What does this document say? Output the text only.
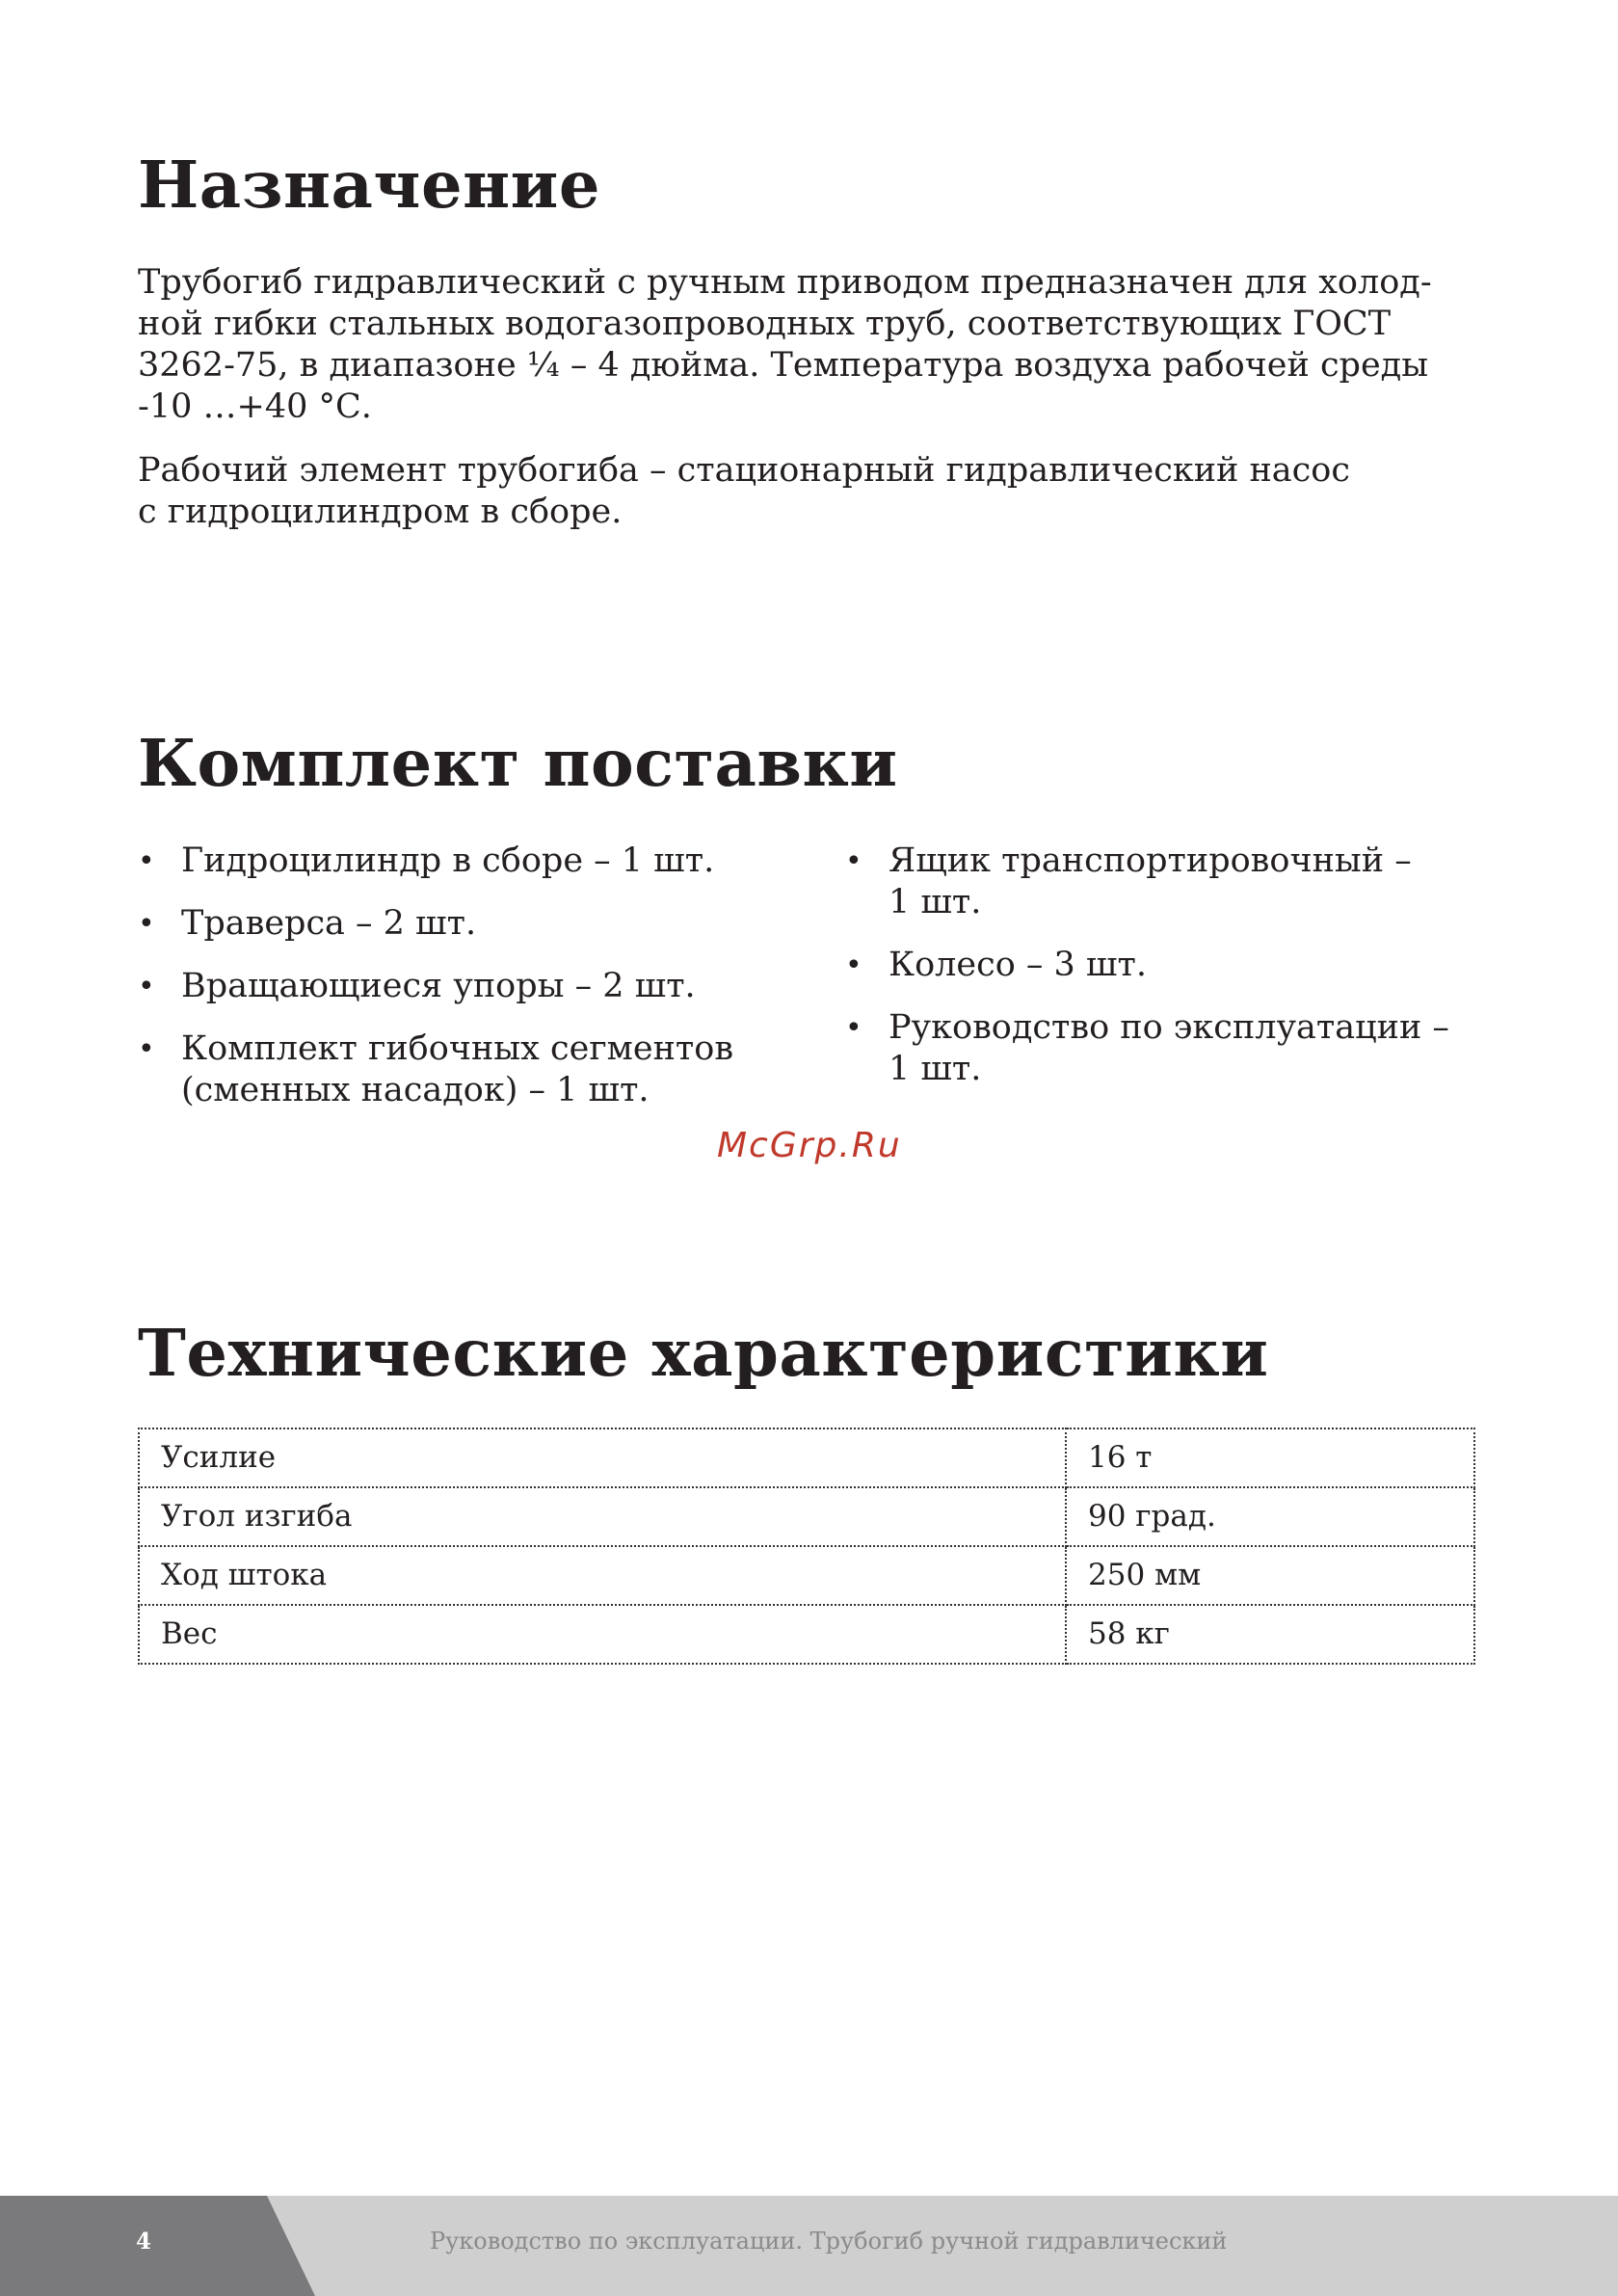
Назначение

Трубогиб гидравлический с ручным приводом предназначен для холод-
ной гибки стальных водогазопроводных труб, соответствующих ГОСТ
3262-75, в диапазоне ¼ – 4 дюйма. Температура воздуха рабочей среды
-10 …+40 °С.

Рабочий элемент трубогиба – стационарный гидравлический насос
с гидроцилиндром в сборе.

Комплект поставки
• Гидроцилиндр в сборе – 1 шт.
• Траверса – 2 шт.
• Вращающиеся упоры – 2 шт.
• Комплект гибочных сегментов
(сменных насадок) – 1 шт.
• Ящик транспортировочный –
1 шт.
• Колесо – 3 шт.
• Руководство по эксплуатации –
1 шт.
McGrp.Ru
Технические характеристики
Усилие	16 т
Угол изгиба	90 град.
Ход штока	250 мм
Вес	58 кг
4	Руководство по эксплуатации. Трубогиб ручной гидравлический
